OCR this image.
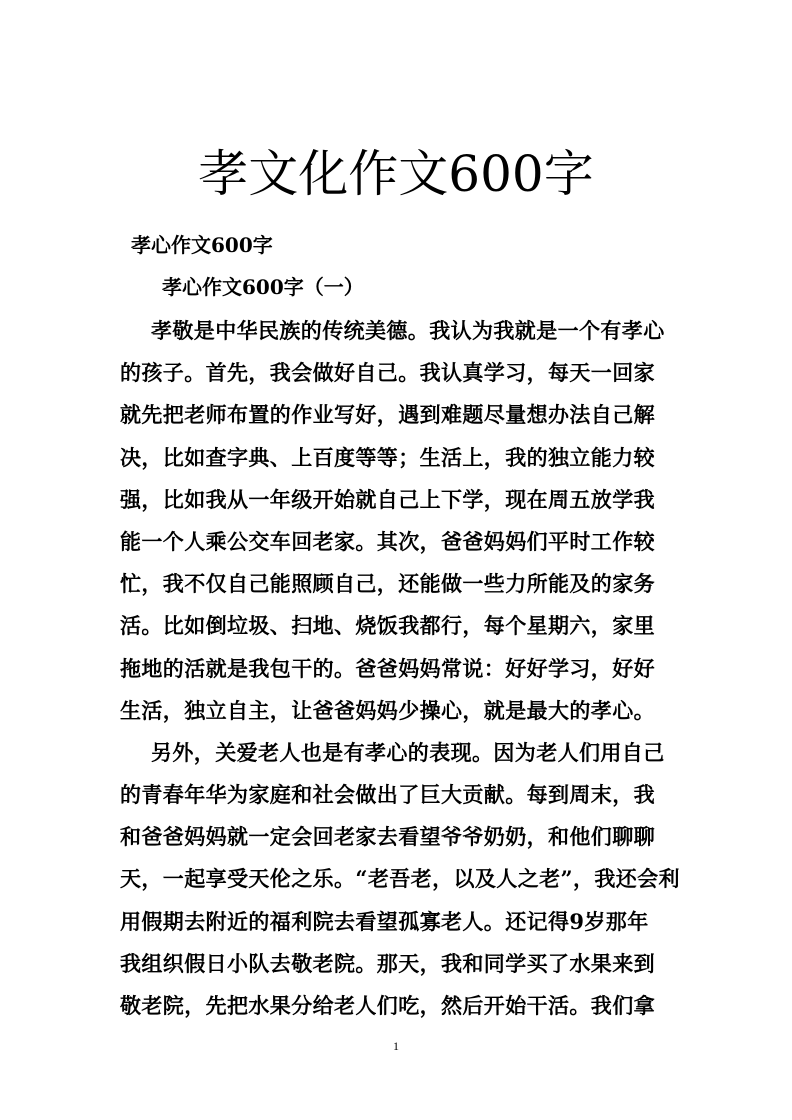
孝文化作文600字
孝心作文600字
孝心作文600字（一）
孝敬是中华民族的传统美德。我认为我就是一个有孝心
的孩子。首先，我会做好自己。我认真学习，每天一回家
就先把老师布置的作业写好，遇到难题尽量想办法自己解
决，比如查字典、上百度等等；生活上，我的独立能力较
强，比如我从一年级开始就自己上下学，现在周五放学我
能一个人乘公交车回老家。其次，爸爸妈妈们平时工作较
忙，我不仅自己能照顾自己，还能做一些力所能及的家务
活。比如倒垃圾、扫地、烧饭我都行，每个星期六，家里
拖地的活就是我包干的。爸爸妈妈常说：好好学习，好好
生活，独立自主，让爸爸妈妈少操心，就是最大的孝心。
另外，关爱老人也是有孝心的表现。因为老人们用自己
的青春年华为家庭和社会做出了巨大贡献。每到周末，我
和爸爸妈妈就一定会回老家去看望爷爷奶奶，和他们聊聊
天，一起享受天伦之乐。“老吾老，以及人之老”，我还会利
用假期去附近的福利院去看望孤寡老人。还记得9岁那年
我组织假日小队去敬老院。那天，我和同学买了水果来到
敬老院，先把水果分给老人们吃，然后开始干活。我们拿
1
